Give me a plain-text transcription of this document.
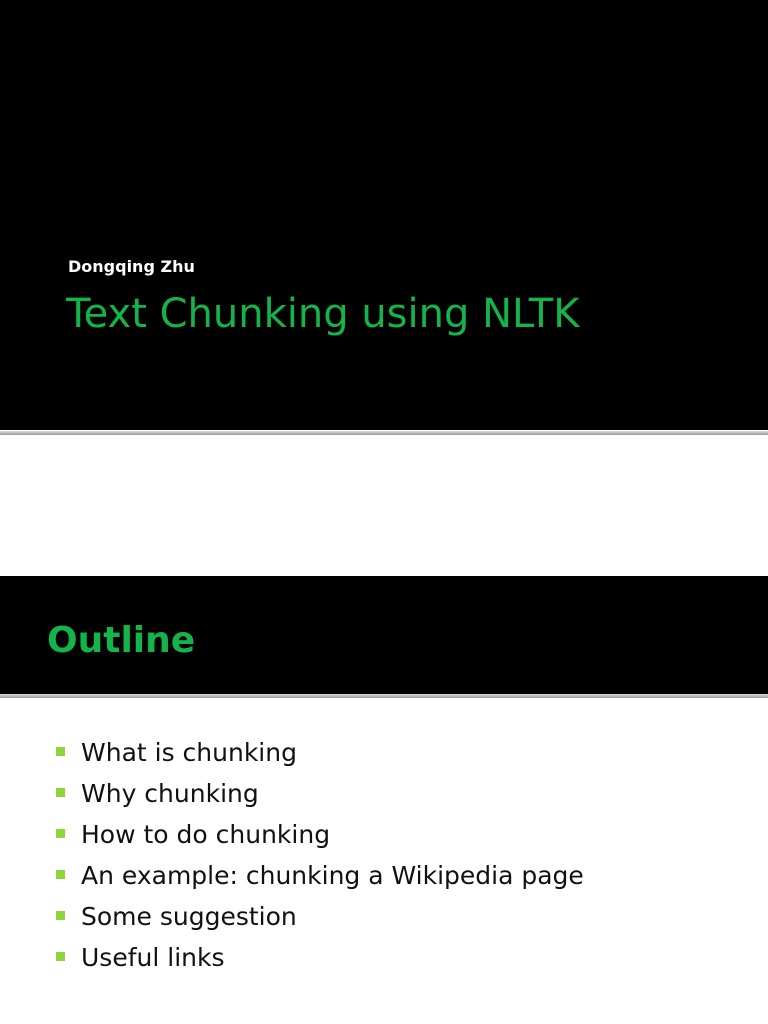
Dongqing Zhu
Text Chunking using NLTK
Outline
What is chunking
Why chunking
How to do chunking
An example: chunking a Wikipedia page
Some suggestion
Useful links
